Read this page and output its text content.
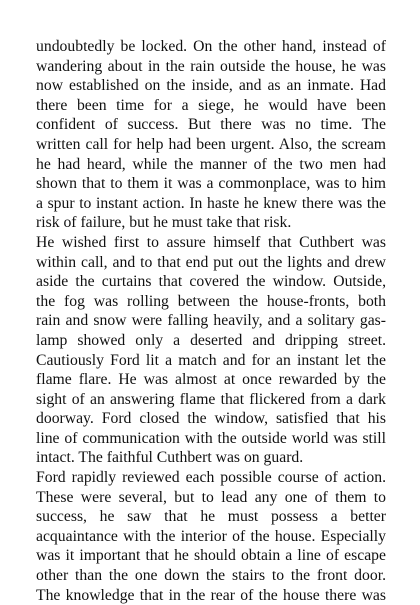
undoubtedly be locked. On the other hand, instead of
wandering about in the rain outside the house, he was
now established on the inside, and as an inmate. Had
there been time for a siege, he would have been
confident of success. But there was no time. The
written call for help had been urgent. Also, the scream
he had heard, while the manner of the two men had
shown that to them it was a commonplace, was to him
a spur to instant action. In haste he knew there was the
risk of failure, but he must take that risk.

He wished first to assure himself that Cuthbert was
within call, and to that end put out the lights and drew
aside the curtains that covered the window. Outside,
the fog was rolling between the house-fronts, both
rain and snow were falling heavily, and a solitary gas-
lamp showed only a deserted and dripping street.
Cautiously Ford lit a match and for an instant let the
flame flare. He was almost at once rewarded by the
sight of an answering flame that flickered from a dark
doorway. Ford closed the window, satisfied that his
line of communication with the outside world was still
intact. The faithful Cuthbert was on guard.

Ford rapidly reviewed each possible course of action.
These were several, but to lead any one of them to
success, he saw that he must possess a better
acquaintance with the interior of the house. Especially
was it important that he should obtain a line of escape
other than the one down the stairs to the front door.
The knowledge that in the rear of the house there was
